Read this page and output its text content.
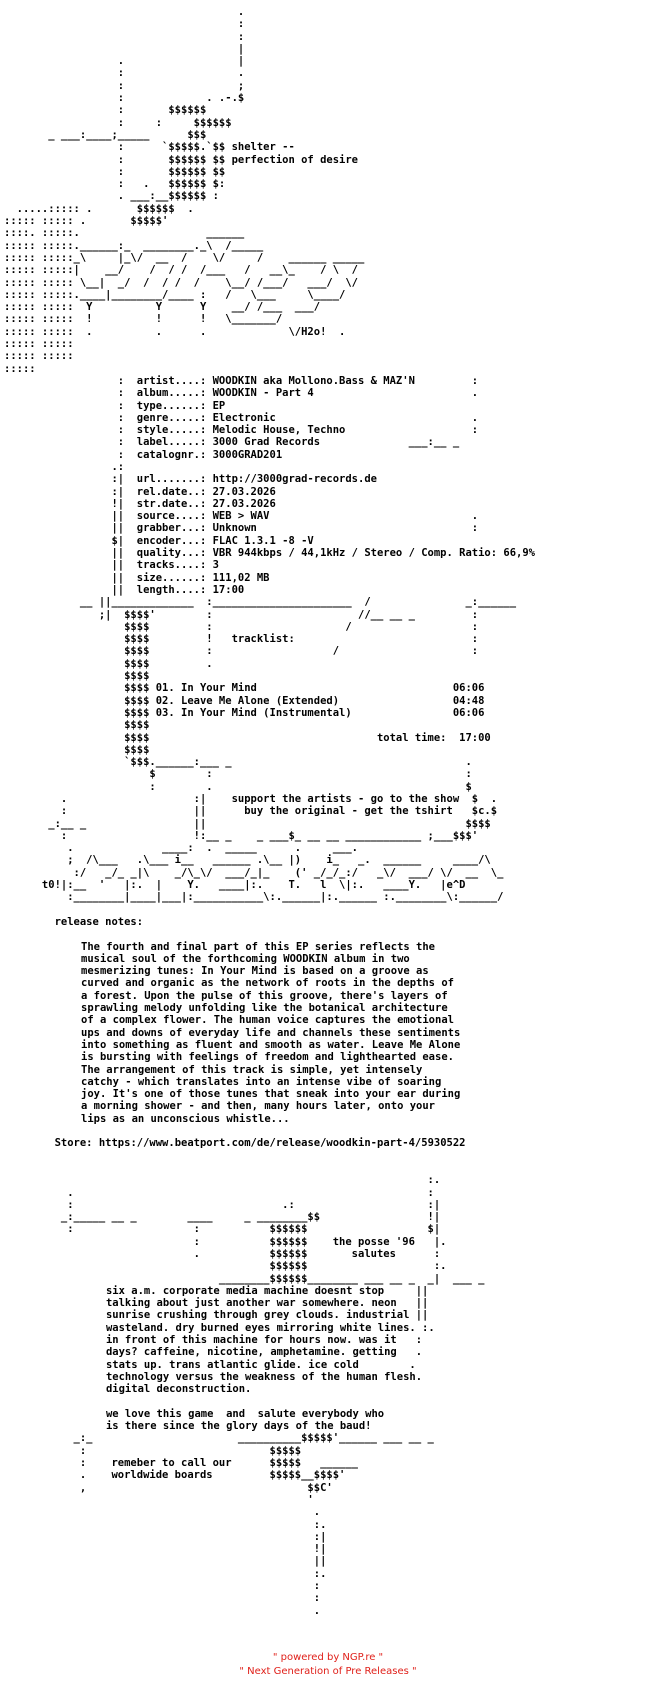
.
:
:
|
.                  |
:                  .
:                  ;
:             . .-.$
:       $$$$$$
:     :     $$$$$$
_ ___:____;_____      $$$
:      `$$$$$.`$$ shelter --
:       $$$$$$ $$ perfection of desire
:       $$$$$$ $$
:   .   $$$$$$ $:
. ___:__$$$$$$ :
.....::::: .       $$$$$$  .
::::: ::::: .       $$$$$'
::::. :::::.                    ______
::::: :::::.______:_  ________._\  /_____
::::: :::::_\     |_\/  __  /    \/     /    ______ _____
::::: :::::|    __/    /  / /  /___   /   __\_    / \  /
::::: ::::: \__|  _/  /  / /  /    \__/ /___/   ___/  \/
::::: :::::.____|________/____ :   /   \___     \____/
::::: :::::  Y          Y      Y    __/ /___  ___/
::::: :::::  !          !      !   \_______/
::::: :::::  .          .      .             \/H2o!  .
::::: :::::
::::: :::::
:::::
:  artist....: WOODKIN aka Mollono.Bass & MAZ'N         :
:  album.....: WOODKIN - Part 4                         .
:  type......: EP
:  genre.....: Electronic                               .
:  style.....: Melodic House, Techno                    :
:  label.....: 3000 Grad Records              ___:__ _
:  catalognr.: 3000GRAD201
.:
:|  url.......: http://3000grad-records.de
:|  rel.date..: 27.03.2026
!|  str.date..: 27.03.2026
||  source....: WEB > WAV                                .
||  grabber...: Unknown                                  :
$|  encoder...: FLAC 1.3.1 -8 -V
||  quality...: VBR 944kbps / 44,1kHz / Stereo / Comp. Ratio: 66,9%
||  tracks....: 3
||  size......: 111,02 MB
||  length....: 17:00
__ ||_____________  :______________________  /               _:______
;|  $$$$'        :                       //__ __ _         :
$$$$         :                     /                   :
$$$$         !   tracklist:                            :
$$$$         :                   /                     :
$$$$         .
$$$$
$$$$ 01. In Your Mind                               06:06
$$$$ 02. Leave Me Alone (Extended)                  04:48
$$$$ 03. In Your Mind (Instrumental)                06:06
$$$$
$$$$                                    total time:  17:00
$$$$
`$$$.______:___ _                                     .
$        :                                        :
:        .                                        $
.                    :|    support the artists - go to the show  $  .
:                    ||      buy the original - get the tshirt   $c.$
_:__ _                 ||                                         $$$$
:                    !:__ _    _ ___$_ __ __ ____________ ;___$$$'
.              ____:  .  _____      .     ___.
;  /\___   .\___ i__   ______ .\__ |)    i_   _.  ______     ____/\
:/   _/_ _|\    _/\_\/  ___/_|_    (' _/_/_:/   _\/  ___/ \/  __  \_
t0!|:__  '   |:.  |    Y.   ____|:.    T.   l  \|:.   ____Y.   |e^D
:________|____|___|:___________\:.______|:.______ :.________\:______/

release notes:

The fourth and final part of this EP series reflects the
musical soul of the forthcoming WOODKIN album in two
mesmerizing tunes: In Your Mind is based on a groove as
curved and organic as the network of roots in the depths of
a forest. Upon the pulse of this groove, there's layers of
sprawling melody unfolding like the botanical architecture
of a complex flower. The human voice captures the emotional
ups and downs of everyday life and channels these sentiments
into something as fluent and smooth as water. Leave Me Alone
is bursting with feelings of freedom and lighthearted ease.
The arrangement of this track is simple, yet intensely
catchy - which translates into an intense vibe of soaring
joy. It's one of those tunes that sneak into your ear during
a morning shower - and then, many hours later, onto your
lips as an unconscious whistle...

Store: https://www.beatport.com/de/release/woodkin-part-4/5930522

:.
.                                                        :
:                                 .:                     :|
_:_____ __ _        ____     _ ________$$                 !|
:                   :           $$$$$$                   $|
:           $$$$$$    the posse '96   |.
.           $$$$$$       salutes      :
$$$$$$                    :.
________$$$$$$________ ___ __ _  _|  ___ _
six a.m. corporate media machine doesnt stop     ||
talking about just another war somewhere. neon   ||
sunrise crushing through grey clouds. industrial ||
wasteland. dry burned eyes mirroring white lines. :.
in front of this machine for hours now. was it   :
days? caffeine, nicotine, amphetamine. getting   .
stats up. trans atlantic glide. ice cold        .
technology versus the weakness of the human flesh.
digital deconstruction.

we love this game  and  salute everybody who
is there since the glory days of the baud!
_:_                       __________$$$$$'______ ___ __ _
:                             $$$$$
:    remeber to call our      $$$$$   ______
.    worldwide boards         $$$$$__$$$$'
,                                   $$C'
'
.
:.
:|
!|
||
:.
:
:
.
" powered by NGP.re "
" Next Generation of Pre Releases "
